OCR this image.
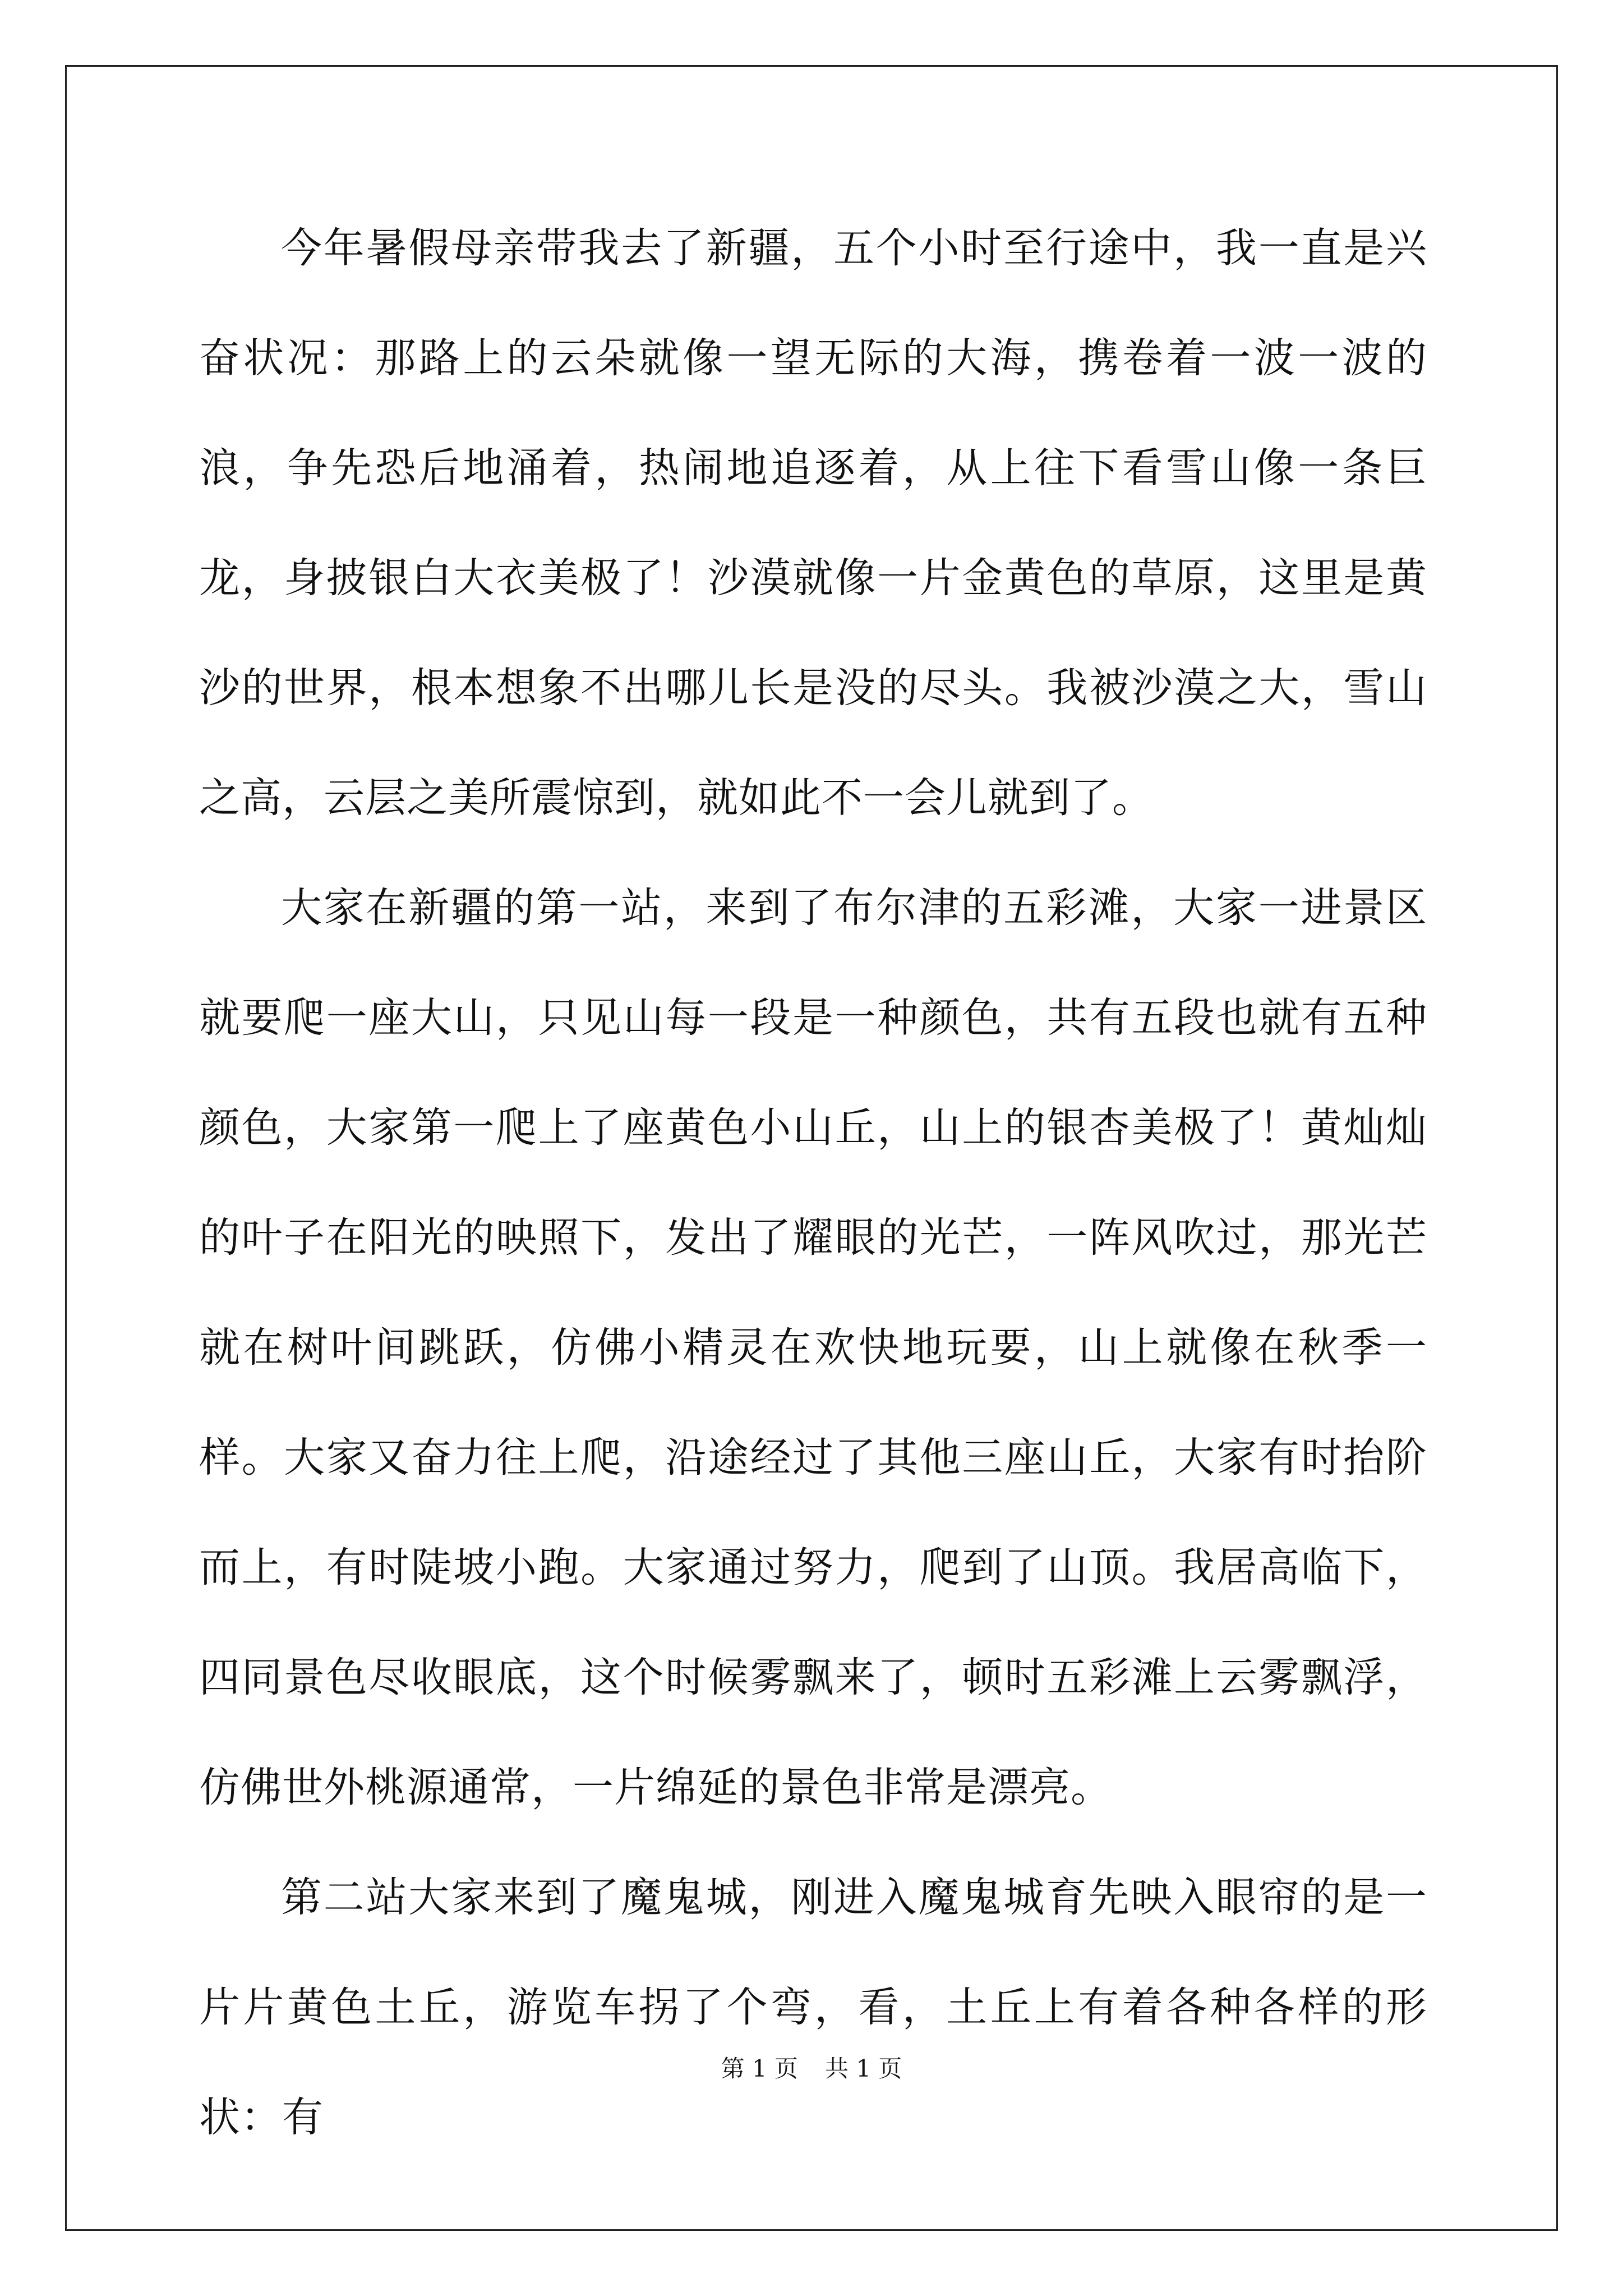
今年暑假母亲带我去了新疆，五个小时至行途中，我一直是兴奋状况：那路上的云朵就像一望无际的大海，携卷着一波一波的浪，争先恐后地涌着，热闹地追逐着，从上往下看雪山像一条巨龙，身披银白大衣美极了！沙漠就像一片金黄色的草原，这里是黄沙的世界，根本想象不出哪儿长是没的尽头。我被沙漠之大，雪山之高，云层之美所震惊到，就如此不一会儿就到了。

大家在新疆的第一站，来到了布尔津的五彩滩，大家一进景区就要爬一座大山，只见山每一段是一种颜色，共有五段也就有五种颜色，大家第一爬上了座黄色小山丘，山上的银杏美极了！黄灿灿的叶子在阳光的映照下，发出了耀眼的光芒，一阵风吹过，那光芒就在树叶间跳跃，仿佛小精灵在欢快地玩要，山上就像在秋季一样。大家又奋力往上爬，沿途经过了其他三座山丘，大家有时抬阶而上，有时陡坡小跑。大家通过努力，爬到了山顶。我居高临下，四同景色尽收眼底，这个时候雾飘来了，顿时五彩滩上云雾飘浮，仿佛世外桃源通常，一片绵延的景色非常是漂亮。

第二站大家来到了魔鬼城，刚进入魔鬼城育先映入眼帘的是一片片黄色土丘，游览车拐了个弯，看，土丘上有着各种各样的形状：有

第 1 页 共 1 页
